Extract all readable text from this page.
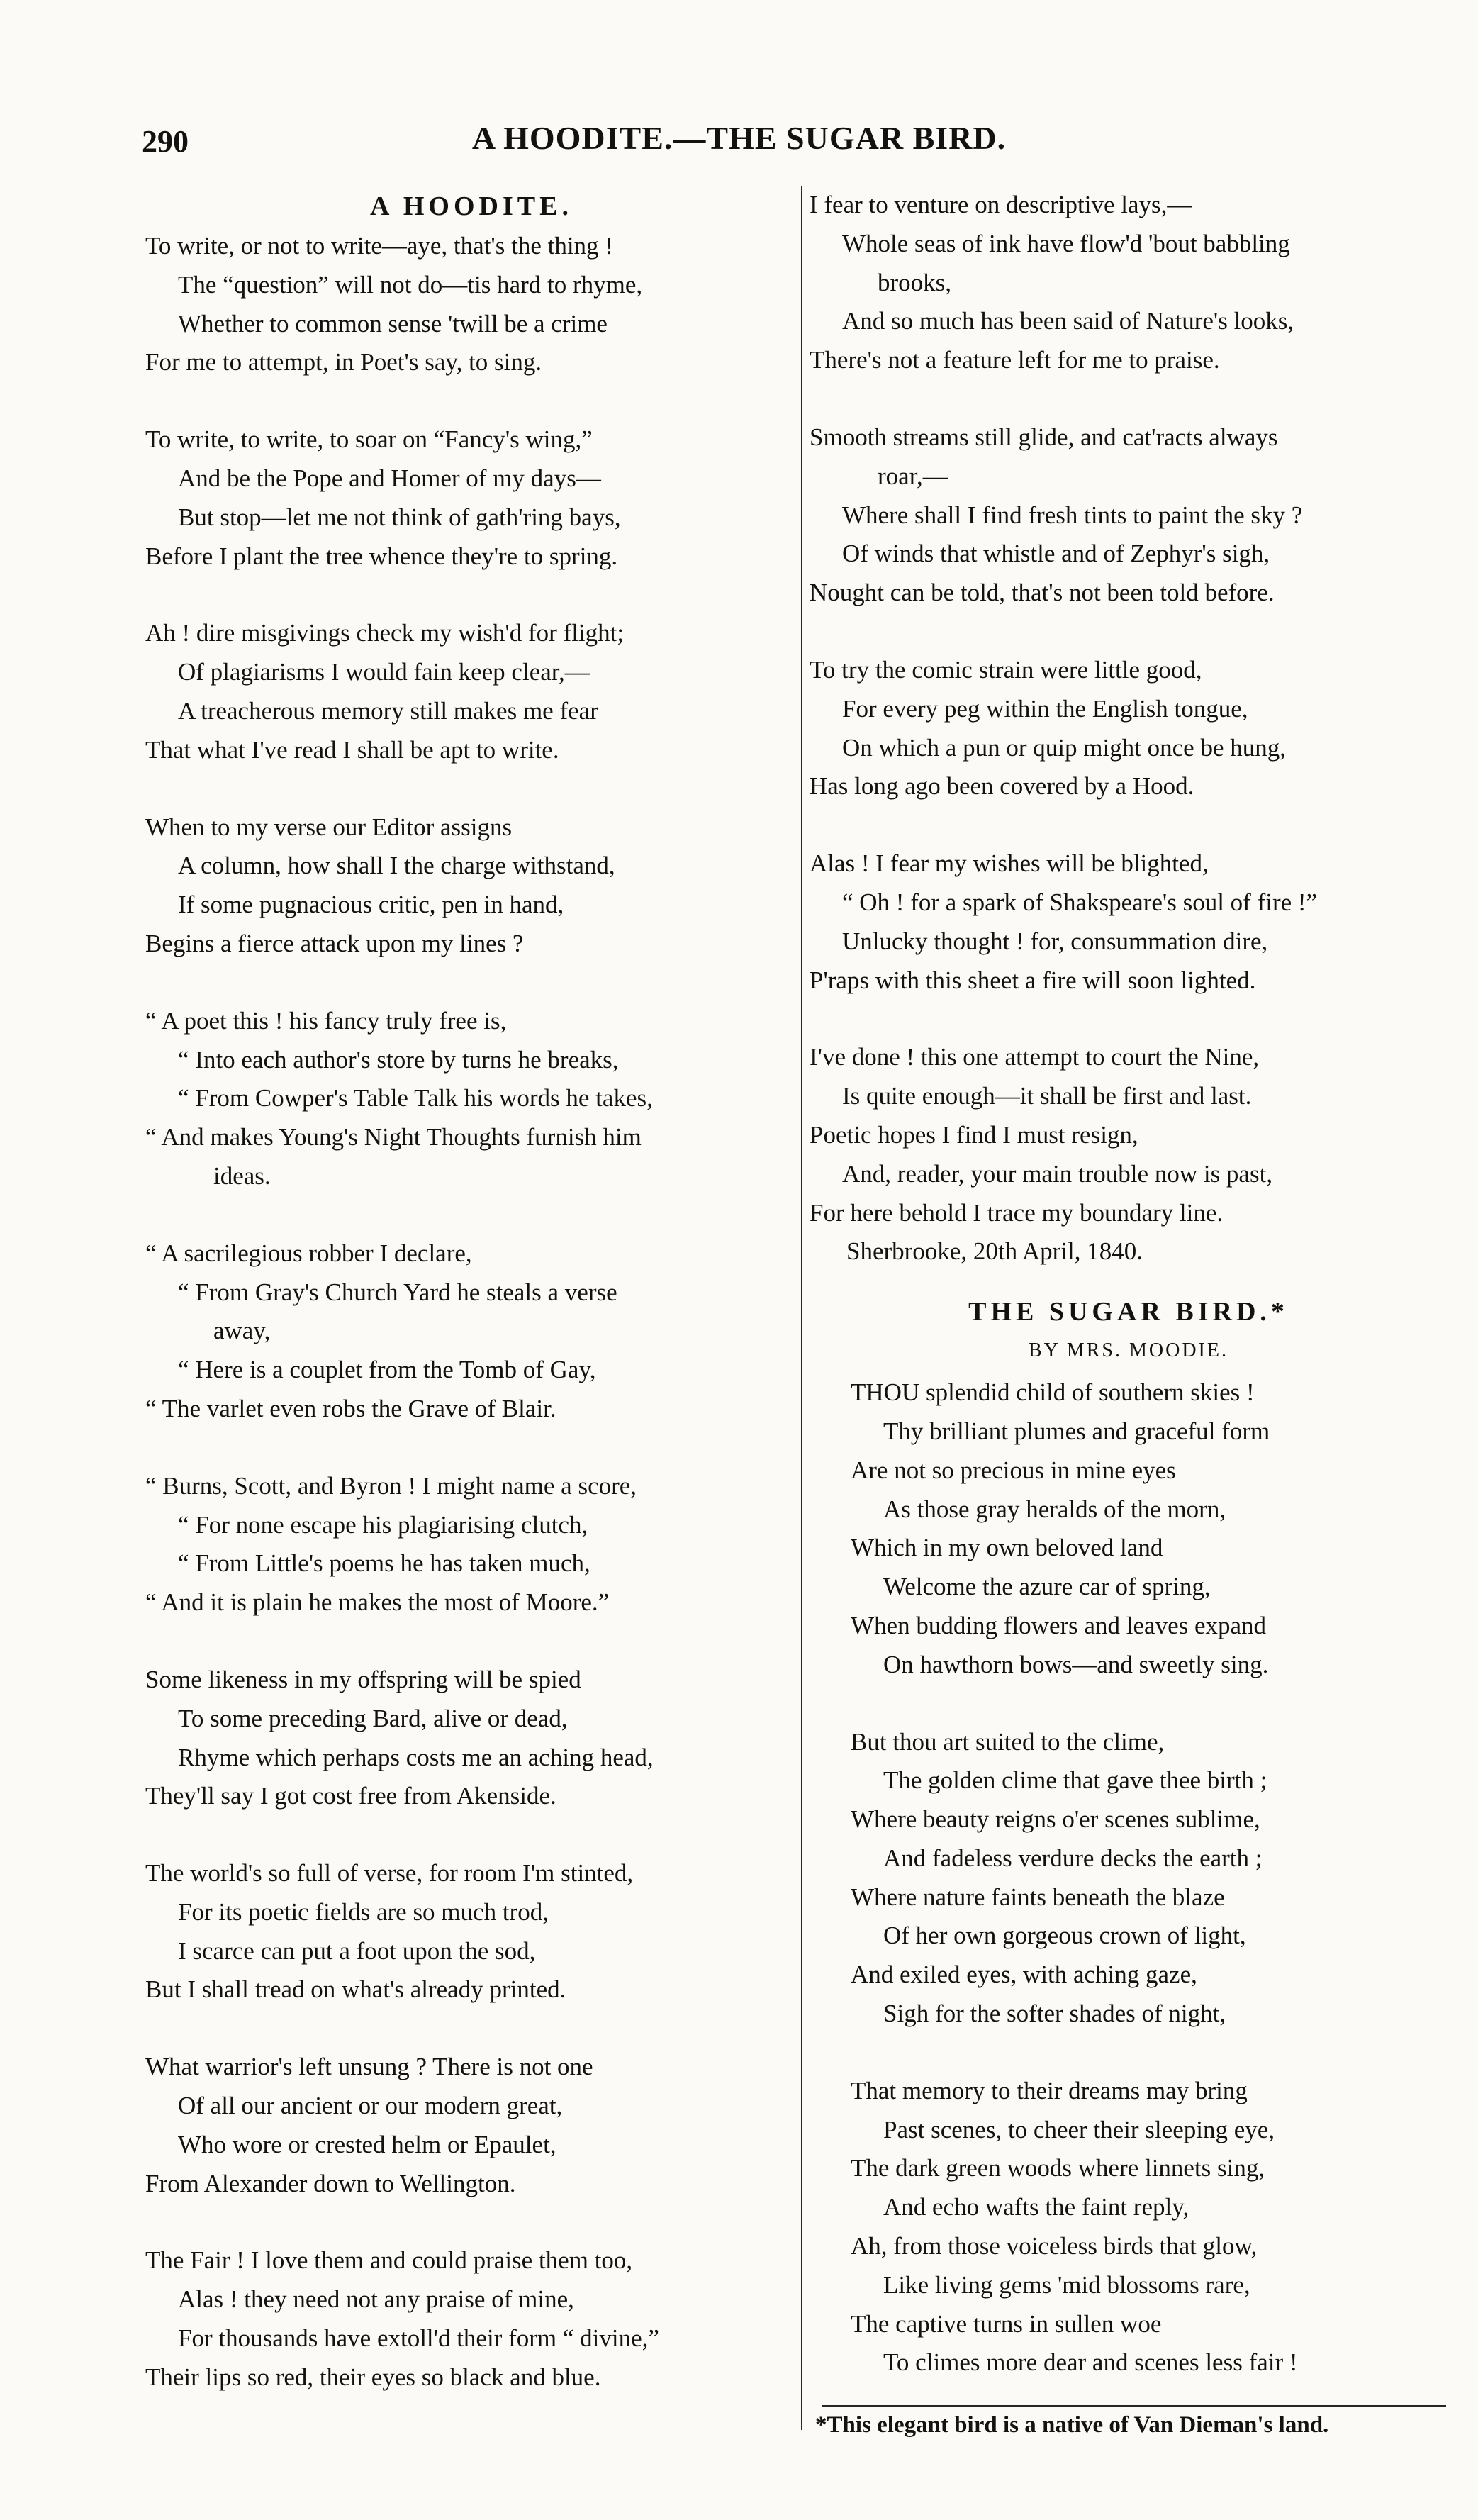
290	A HOODITE.—THE SUGAR BIRD.
A HOODITE.
To write, or not to write—aye, that's the thing !
The “question” will not do—tis hard to rhyme,
Whether to common sense 'twill be a crime
For me to attempt, in Poet's say, to sing.
To write, to write, to soar on “Fancy's wing,”
And be the Pope and Homer of my days—
But stop—let me not think of gath'ring bays,
Before I plant the tree whence they're to spring.
Ah ! dire misgivings check my wish'd for flight;
Of plagiarisms I would fain keep clear,—
A treacherous memory still makes me fear
That what I've read I shall be apt to write.
When to my verse our Editor assigns
A column, how shall I the charge withstand,
If some pugnacious critic, pen in hand,
Begins a fierce attack upon my lines ?
“ A poet this ! his fancy truly free is,
“ Into each author's store by turns he breaks,
“ From Cowper's Table Talk his words he takes,
“ And makes Young's Night Thoughts furnish him
ideas.
“ A sacrilegious robber I declare,
“ From Gray's Church Yard he steals a verse
away,
“ Here is a couplet from the Tomb of Gay,
“ The varlet even robs the Grave of Blair.
“ Burns, Scott, and Byron ! I might name a score,
“ For none escape his plagiarising clutch,
“ From Little's poems he has taken much,
“ And it is plain he makes the most of Moore.”
Some likeness in my offspring will be spied
To some preceding Bard, alive or dead,
Rhyme which perhaps costs me an aching head,
They'll say I got cost free from Akenside.
The world's so full of verse, for room I'm stinted,
For its poetic fields are so much trod,
I scarce can put a foot upon the sod,
But I shall tread on what's already printed.
What warrior's left unsung ? There is not one
Of all our ancient or our modern great,
Who wore or crested helm or Epaulet,
From Alexander down to Wellington.
The Fair ! I love them and could praise them too,
Alas ! they need not any praise of mine,
For thousands have extoll'd their form “ divine,”
Their lips so red, their eyes so black and blue.
I fear to venture on descriptive lays,—
Whole seas of ink have flow'd 'bout babbling
brooks,
And so much has been said of Nature's looks,
There's not a feature left for me to praise.
Smooth streams still glide, and cat'racts always
roar,—
Where shall I find fresh tints to paint the sky ?
Of winds that whistle and of Zephyr's sigh,
Nought can be told, that's not been told before.
To try the comic strain were little good,
For every peg within the English tongue,
On which a pun or quip might once be hung,
Has long ago been covered by a Hood.
Alas ! I fear my wishes will be blighted,
“ Oh ! for a spark of Shakspeare's soul of fire !”
Unlucky thought ! for, consummation dire,
P'raps with this sheet a fire will soon lighted.
I've done ! this one attempt to court the Nine,
Is quite enough—it shall be first and last.
Poetic hopes I find I must resign,
And, reader, your main trouble now is past,
For here behold I trace my boundary line.
Sherbrooke, 20th April, 1840.
THE SUGAR BIRD.*
BY MRS. MOODIE.
THOU splendid child of southern skies !
Thy brilliant plumes and graceful form
Are not so precious in mine eyes
As those gray heralds of the morn,
Which in my own beloved land
Welcome the azure car of spring,
When budding flowers and leaves expand
On hawthorn bows—and sweetly sing.
But thou art suited to the clime,
The golden clime that gave thee birth ;
Where beauty reigns o'er scenes sublime,
And fadeless verdure decks the earth ;
Where nature faints beneath the blaze
Of her own gorgeous crown of light,
And exiled eyes, with aching gaze,
Sigh for the softer shades of night,
That memory to their dreams may bring
Past scenes, to cheer their sleeping eye,
The dark green woods where linnets sing,
And echo wafts the faint reply,
Ah, from those voiceless birds that glow,
Like living gems 'mid blossoms rare,
The captive turns in sullen woe
To climes more dear and scenes less fair !
*This elegant bird is a native of Van Dieman's land.
